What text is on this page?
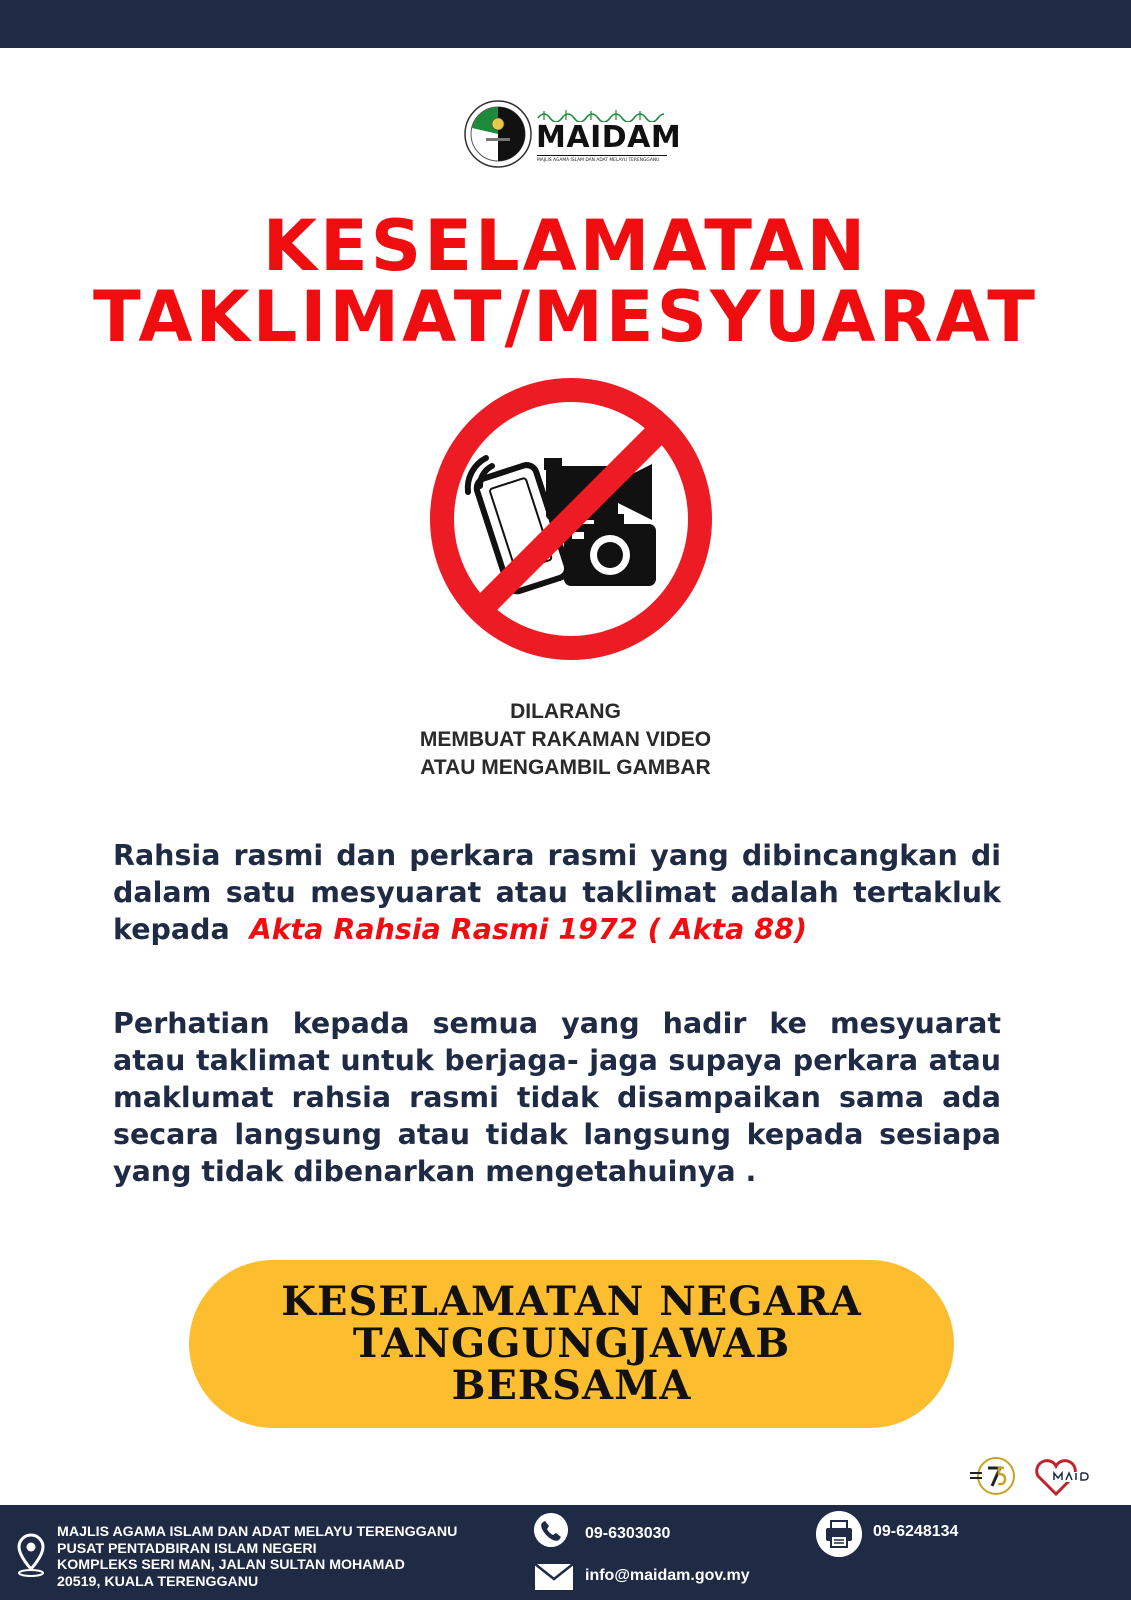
MAIDAM
MAJLIS AGAMA ISLAM DAN ADAT MELAYU TERENGGANU
KESELAMATAN
TAKLIMAT/MESYUARAT
DILARANG
MEMBUAT RAKAMAN VIDEO
ATAU MENGAMBIL GAMBAR

Rahsia rasmi dan perkara rasmi yang dibincangkan di dalam satu mesyuarat atau taklimat adalah tertakluk kepada Akta Rahsia Rasmi 1972 ( Akta 88)

Perhatian kepada semua yang hadir ke mesyuarat atau taklimat untuk berjaga- jaga supaya perkara atau maklumat rahsia rasmi tidak disampaikan sama ada secara langsung atau tidak langsung kepada sesiapa yang tidak dibenarkan mengetahuinya .

KESELAMATAN NEGARA
TANGGUNGJAWAB
BERSAMA
MAJLIS AGAMA ISLAM DAN ADAT MELAYU TERENGGANU
PUSAT PENTADBIRAN ISLAM NEGERI
KOMPLEKS SERI MAN, JALAN SULTAN MOHAMAD
20519, KUALA TERENGGANU
09-6303030	09-6248134
info@maidam.gov.my
